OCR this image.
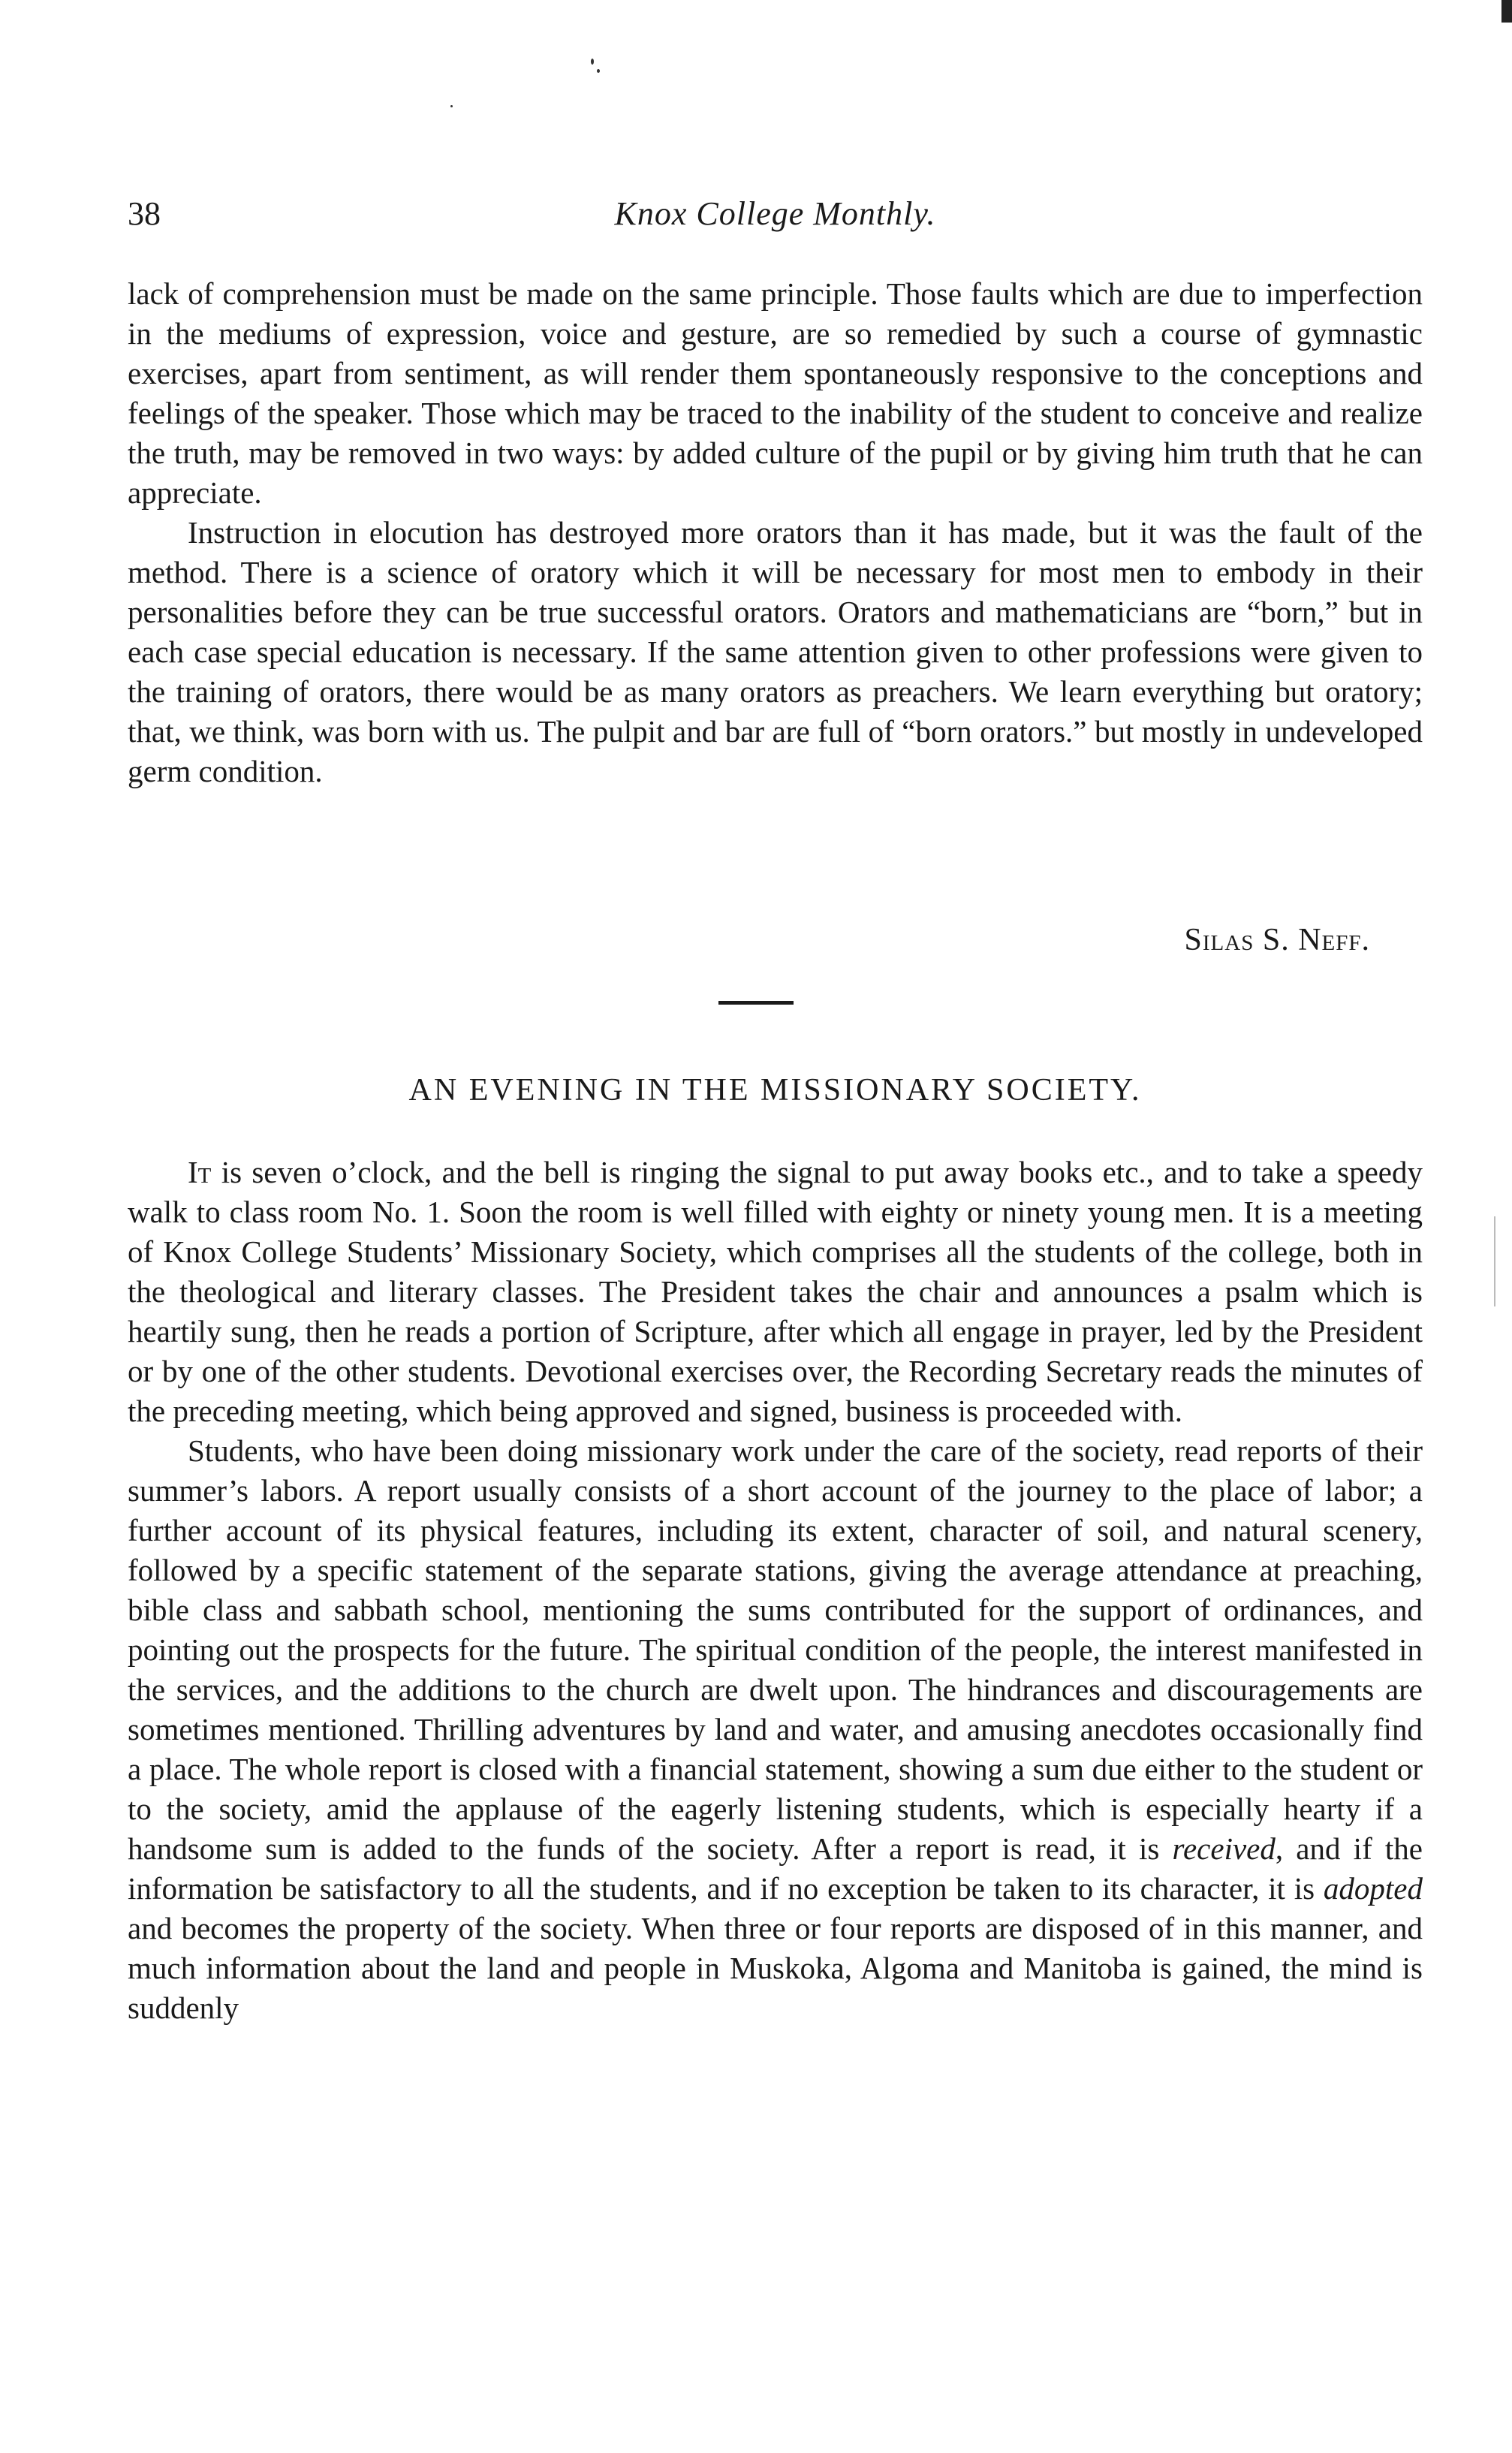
38	Knox College Monthly.

lack of comprehension must be made on the same principle. Those faults which are due to imperfection in the mediums of expression, voice and gesture, are so remedied by such a course of gymnastic exercises, apart from sentiment, as will render them spontaneously responsive to the conceptions and feelings of the speaker. Those which may be traced to the inability of the student to conceive and realize the truth, may be removed in two ways: by added culture of the pupil or by giving him truth that he can appreciate.

Instruction in elocution has destroyed more orators than it has made, but it was the fault of the method. There is a science of oratory which it will be necessary for most men to embody in their personalities before they can be true successful orators. Orators and mathematicians are “born,” but in each case special education is necessary. If the same attention given to other professions were given to the training of orators, there would be as many orators as preachers. We learn everything but oratory; that, we think, was born with us. The pulpit and bar are full of “born orators.” but mostly in undeveloped germ condition.

Silas S. Neff.
AN EVENING IN THE MISSIONARY SOCIETY.

It is seven o’clock, and the bell is ringing the signal to put away books etc., and to take a speedy walk to class room No. 1. Soon the room is well filled with eighty or ninety young men. It is a meeting of Knox College Students’ Missionary Society, which comprises all the students of the college, both in the theological and literary classes. The President takes the chair and announces a psalm which is heartily sung, then he reads a portion of Scripture, after which all engage in prayer, led by the President or by one of the other students. Devotional exercises over, the Recording Secretary reads the minutes of the preceding meeting, which being approved and signed, business is proceeded with.

Students, who have been doing missionary work under the care of the society, read reports of their summer’s labors. A report usually consists of a short account of the journey to the place of labor; a further account of its physical features, including its extent, character of soil, and natural scenery, followed by a specific statement of the separate stations, giving the average attendance at preaching, bible class and sabbath school, mentioning the sums contributed for the support of ordinances, and pointing out the prospects for the future. The spiritual condition of the people, the interest manifested in the services, and the additions to the church are dwelt upon. The hindrances and discouragements are sometimes mentioned. Thrilling adventures by land and water, and amusing anecdotes occasionally find a place. The whole report is closed with a financial statement, showing a sum due either to the student or to the society, amid the applause of the eagerly listening students, which is especially hearty if a handsome sum is added to the funds of the society. After a report is read, it is received, and if the information be satisfactory to all the students, and if no exception be taken to its character, it is adopted and becomes the property of the society. When three or four reports are disposed of in this manner, and much information about the land and people in Muskoka, Algoma and Manitoba is gained, the mind is suddenly
